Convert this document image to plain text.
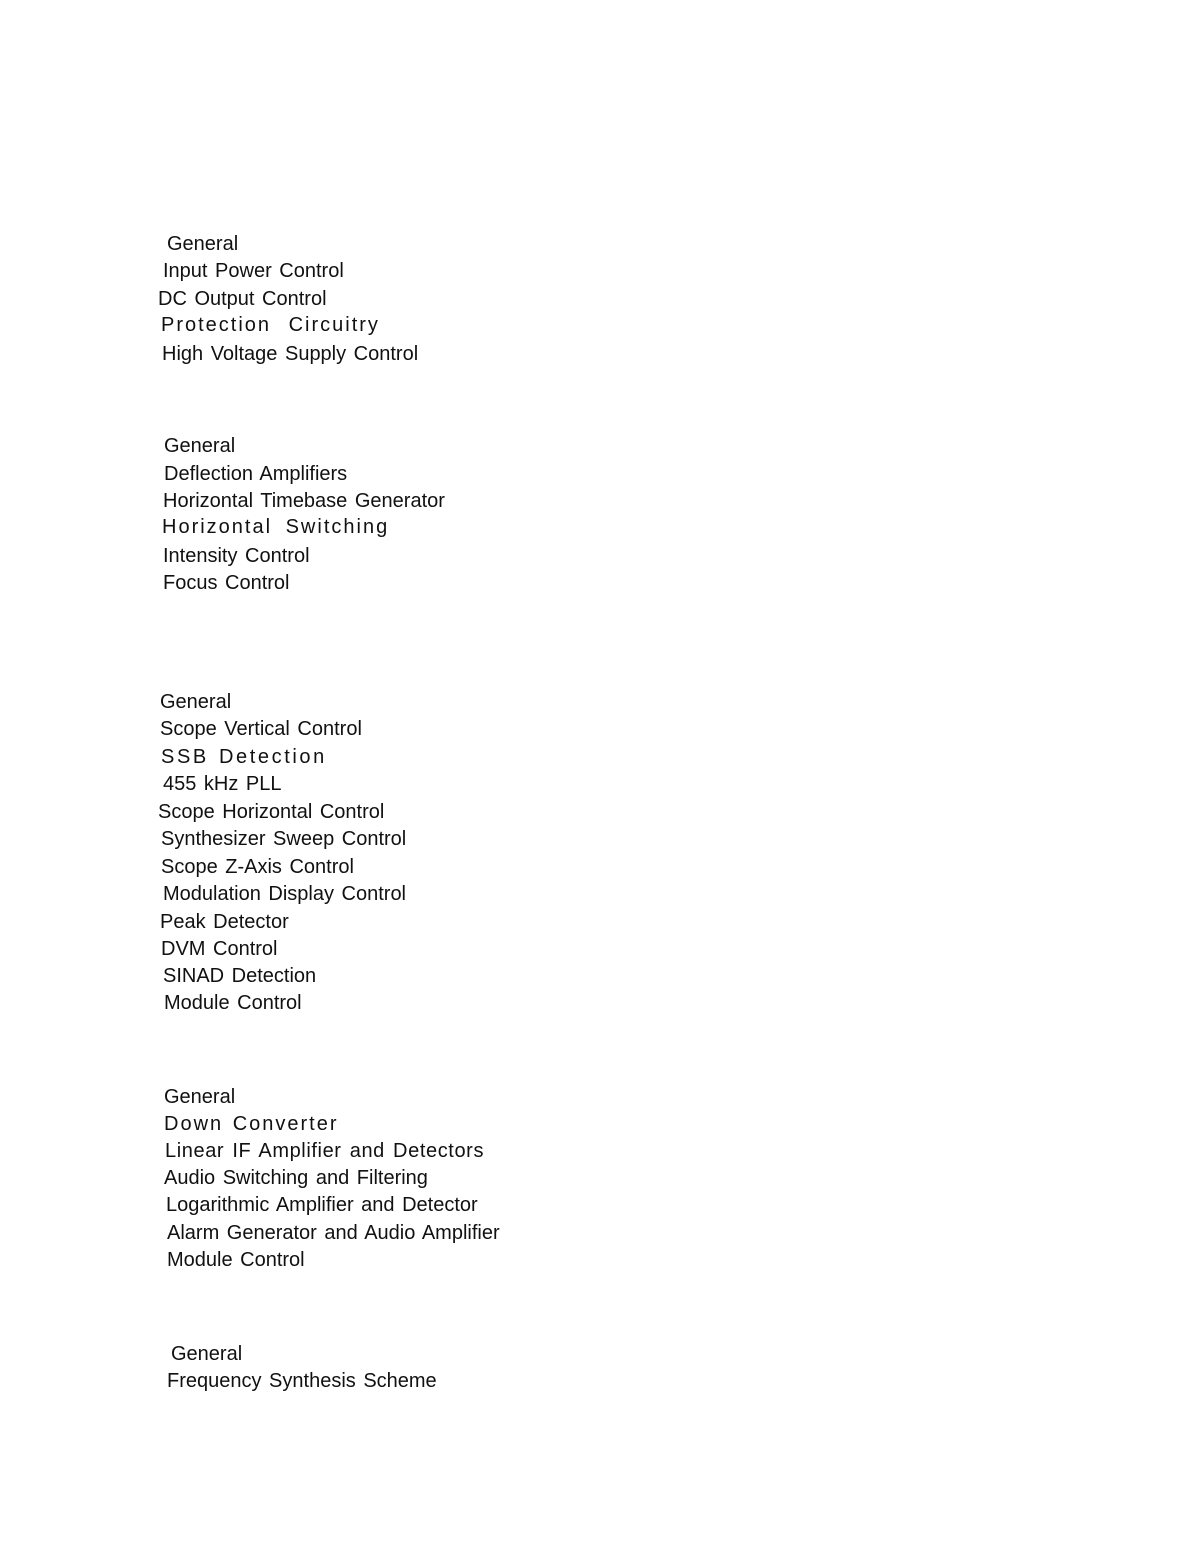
General
Input Power Control
DC Output Control
Protection Circuitry
High Voltage Supply Control
General
Deflection Amplifiers
Horizontal Timebase Generator
Horizontal Switching
Intensity Control
Focus Control
General
Scope Vertical Control
SSB Detection
455 kHz PLL
Scope Horizontal Control
Synthesizer Sweep Control
Scope Z-Axis Control
Modulation Display Control
Peak Detector
DVM Control
SINAD Detection
Module Control
General
Down Converter
Linear IF Amplifier and Detectors
Audio Switching and Filtering
Logarithmic Amplifier and Detector
Alarm Generator and Audio Amplifier
Module Control
General
Frequency Synthesis Scheme
